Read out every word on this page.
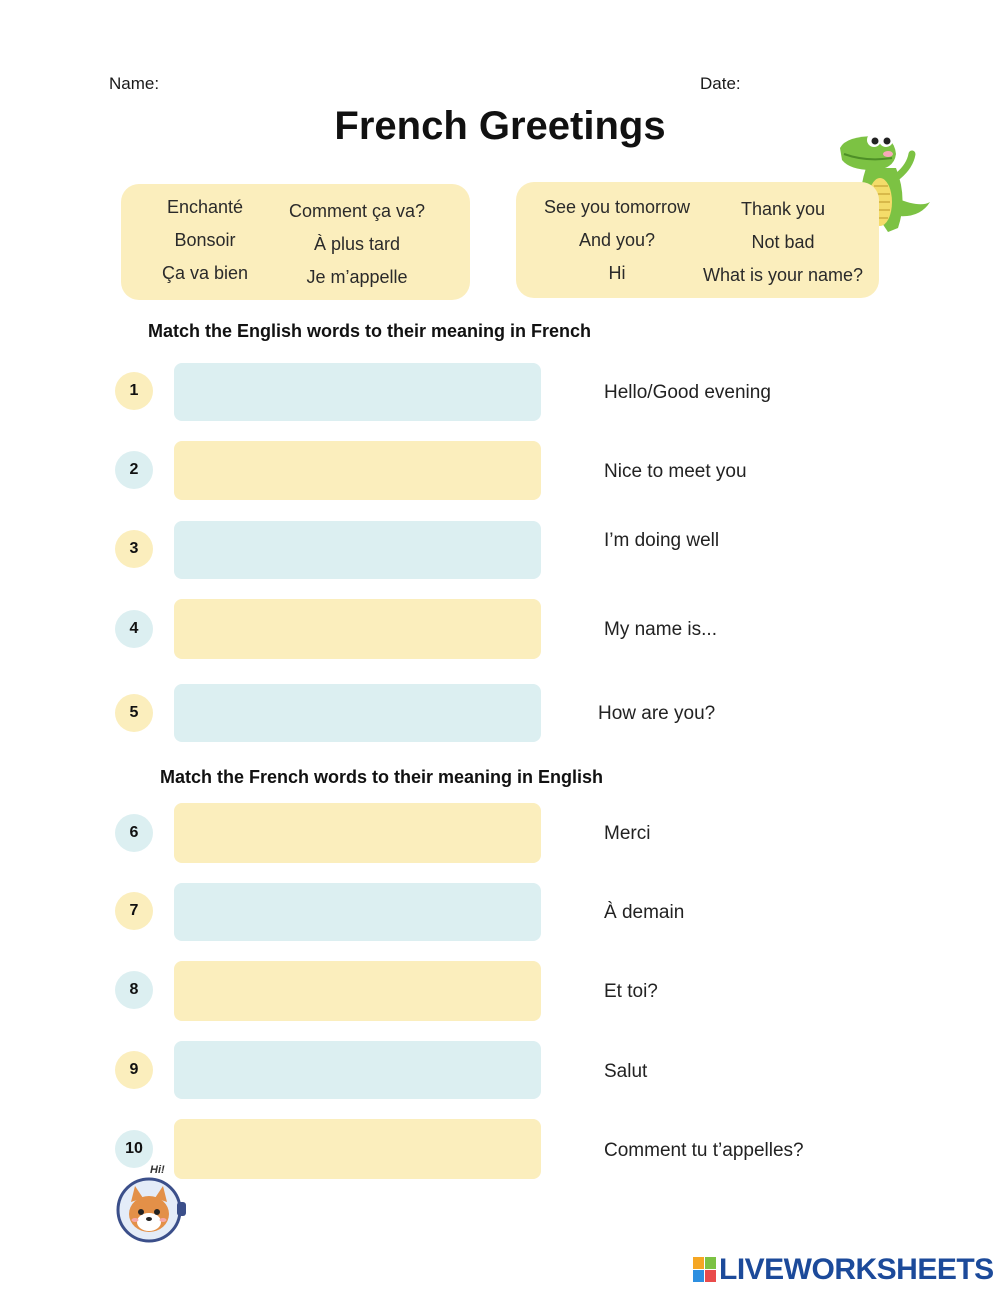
Name:	Date:
French Greetings
Enchanté	Comment ça va?
Bonsoir	À plus tard
Ça va bien	Je m’appelle
See you tomorrow	Thank you
And you?	Not bad
Hi	What is your name?
Match the English words to their meaning in French
1	Hello/Good evening
2	Nice to meet you
3	I’m doing well
4	My name is...
5	How are you?
Match the French words to their meaning in English
6	Merci
7	À demain
8	Et toi?
9	Salut
10	Comment tu t’appelles?
Hi!
LIVEWORKSHEETS
